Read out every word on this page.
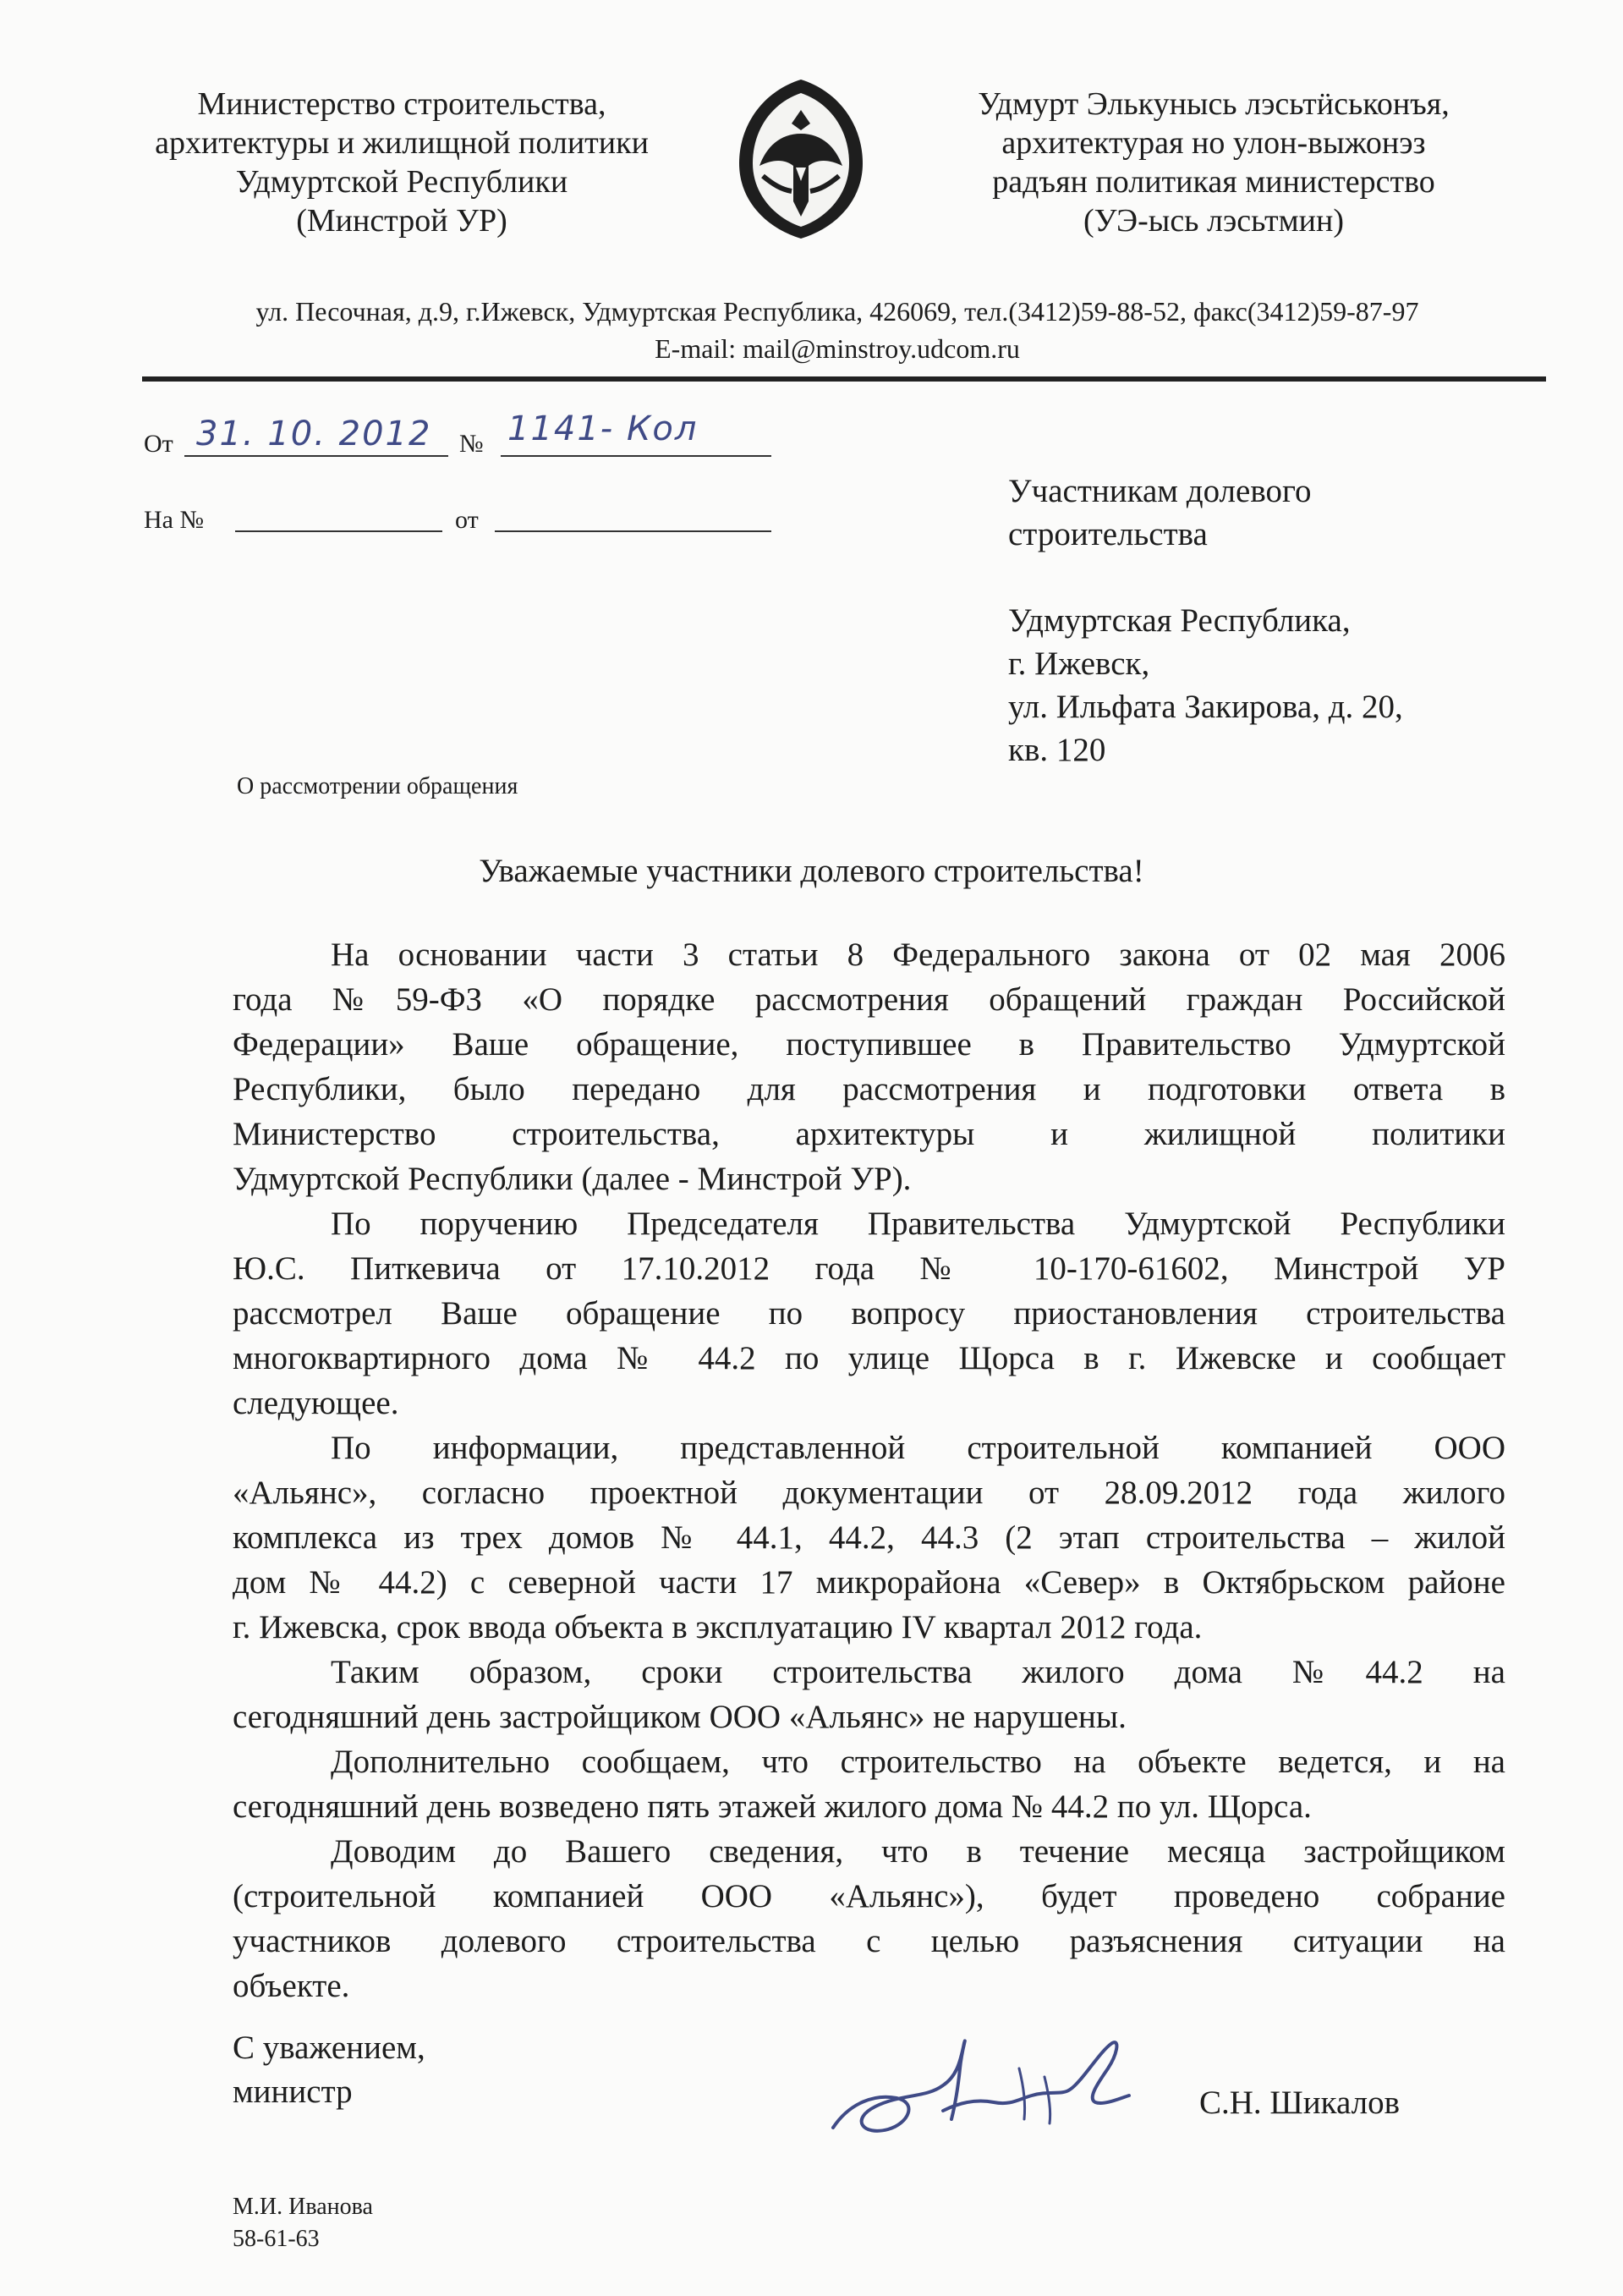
Министерство строительства,
архитектуры и жилищной политики
Удмуртской Республики
(Минстрой УР)
Удмурт Элькунысь лэсьтӥськонъя,
архитектурая но улон-выжонэз
радъян политикая министерство
(УЭ-ысь лэсьтмин)
ул. Песочная, д.9, г.Ижевск, Удмуртская Республика, 426069, тел.(3412)59-88-52, факс(3412)59-87-97
E-mail: mail@minstroy.udcom.ru
От 31. 10. 2012 № 1141- Кол
На №	от
Участникам долевого
строительства
Удмуртская Республика,
г. Ижевск,
ул. Ильфата Закирова, д. 20,
кв. 120
О рассмотрении обращения
Уважаемые участники долевого строительства!
На основании части 3 статьи 8 Федерального закона от 02 мая 2006
года №59-ФЗ «О порядке рассмотрения обращений граждан Российской
Федерации» Ваше обращение, поступившее в Правительство Удмуртской
Республики, было передано для рассмотрения и подготовки ответа в
Министерство строительства, архитектуры и жилищной политики
Удмуртской Республики (далее - Минстрой УР).
По поручению Председателя Правительства Удмуртской Республики
Ю.С. Питкевича от 17.10.2012 года № 10-170-61602, Минстрой УР
рассмотрел Ваше обращение по вопросу приостановления строительства
многоквартирного дома № 44.2 по улице Щорса в г. Ижевске и сообщает
следующее.
По информации, представленной строительной компанией ООО
«Альянс», согласно проектной документации от 28.09.2012 года жилого
комплекса из трех домов № 44.1, 44.2, 44.3 (2 этап строительства – жилой
дом № 44.2) с северной части 17 микрорайона «Север» в Октябрьском районе
г. Ижевска, срок ввода объекта в эксплуатацию IV квартал 2012 года.
Таким образом, сроки строительства жилого дома №44.2 на
сегодняшний день застройщиком ООО «Альянс» не нарушены.
Дополнительно сообщаем, что строительство на объекте ведется, и на
сегодняшний день возведено пять этажей жилого дома № 44.2 по ул. Щорса.
Доводим до Вашего сведения, что в течение месяца застройщиком
(строительной компанией ООО «Альянс»), будет проведено собрание
участников долевого строительства с целью разъяснения ситуации на
объекте.
С уважением,
министр	С.Н. Шикалов
М.И. Иванова
58-61-63
